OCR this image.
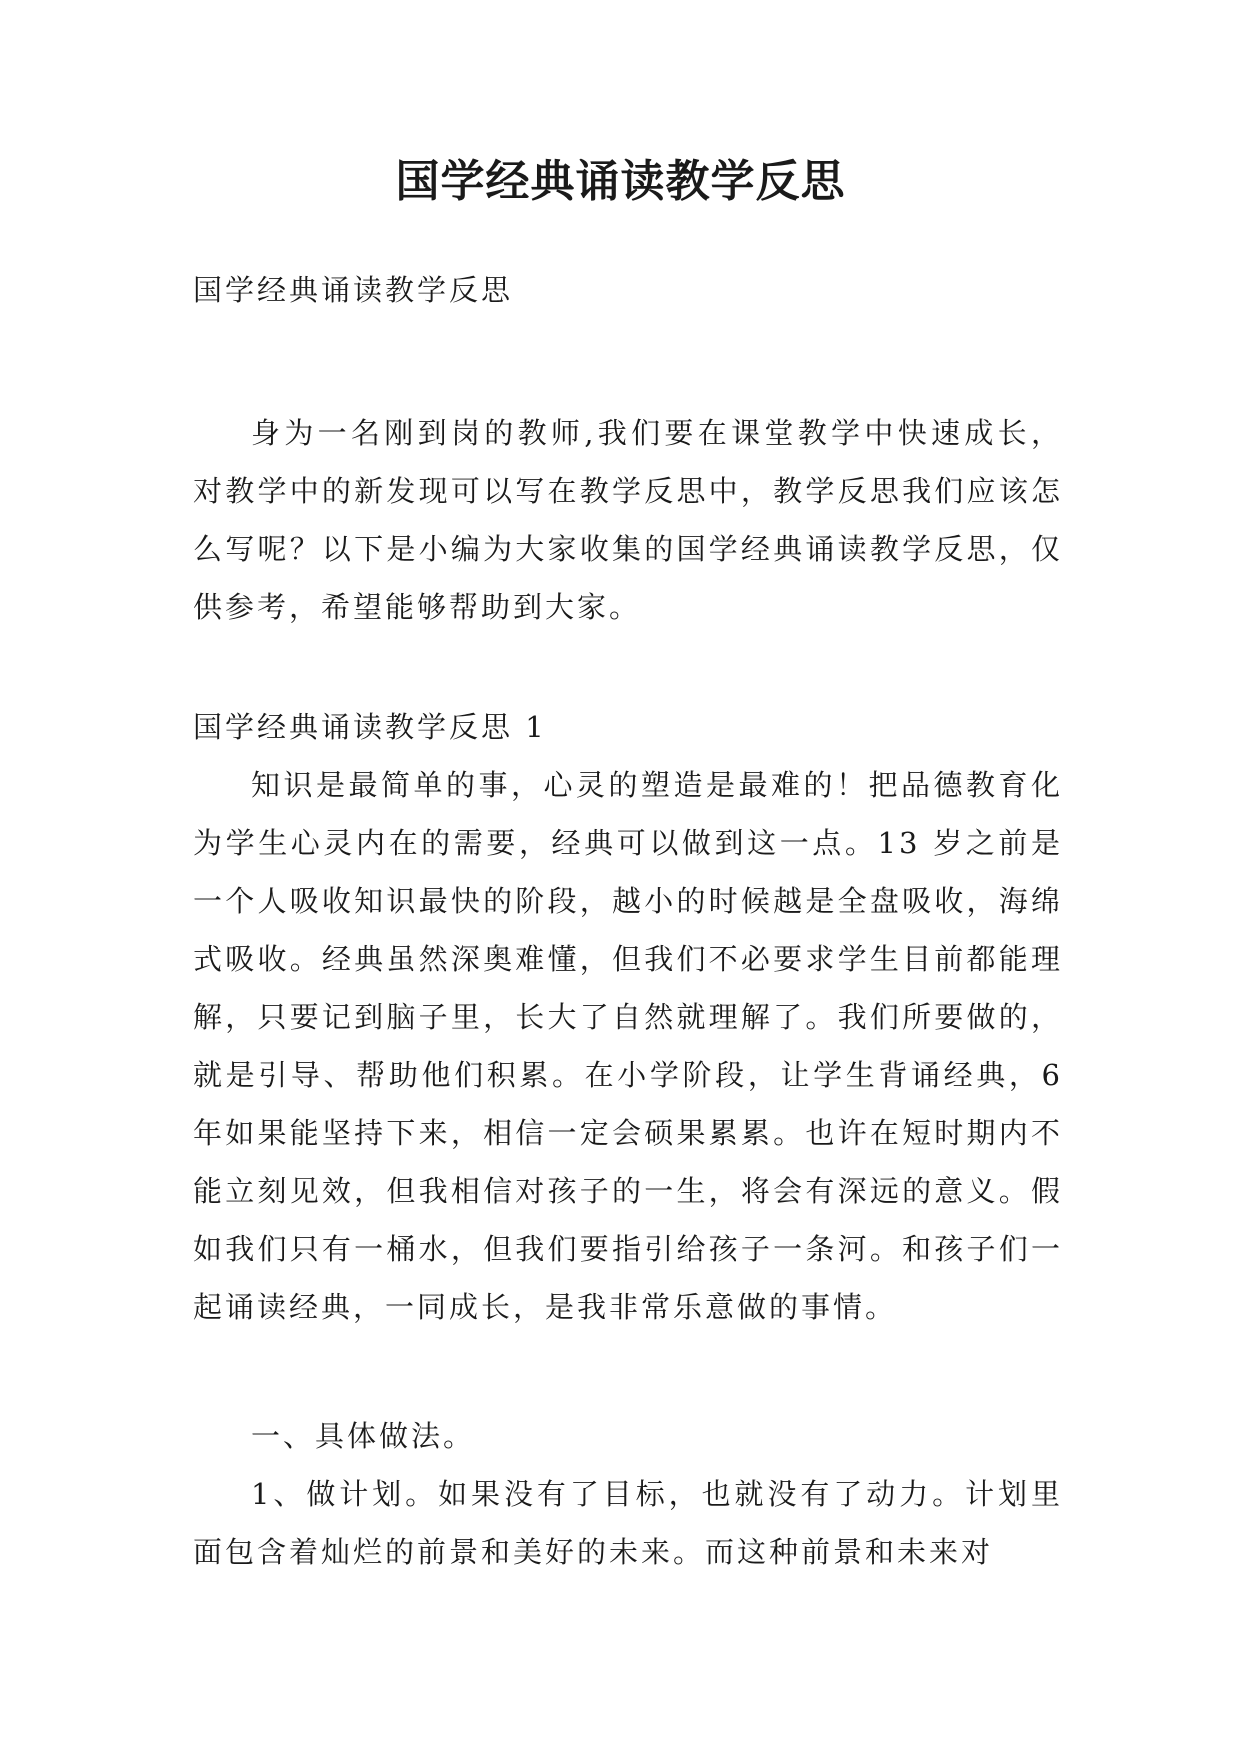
国学经典诵读教学反思

国学经典诵读教学反思

身为一名刚到岗的教师,我们要在课堂教学中快速成长，对教学中的新发现可以写在教学反思中，教学反思我们应该怎么写呢？以下是小编为大家收集的国学经典诵读教学反思，仅供参考，希望能够帮助到大家。

国学经典诵读教学反思 1

知识是最简单的事，心灵的塑造是最难的！把品德教育化为学生心灵内在的需要，经典可以做到这一点。13 岁之前是一个人吸收知识最快的阶段，越小的时候越是全盘吸收，海绵式吸收。经典虽然深奥难懂，但我们不必要求学生目前都能理解，只要记到脑子里，长大了自然就理解了。我们所要做的，就是引导、帮助他们积累。在小学阶段，让学生背诵经典，6 年如果能坚持下来，相信一定会硕果累累。也许在短时期内不能立刻见效，但我相信对孩子的一生，将会有深远的意义。假如我们只有一桶水，但我们要指引给孩子一条河。和孩子们一起诵读经典，一同成长，是我非常乐意做的事情。

一、具体做法。

1、做计划。如果没有了目标，也就没有了动力。计划里面包含着灿烂的前景和美好的未来。而这种前景和未来对
